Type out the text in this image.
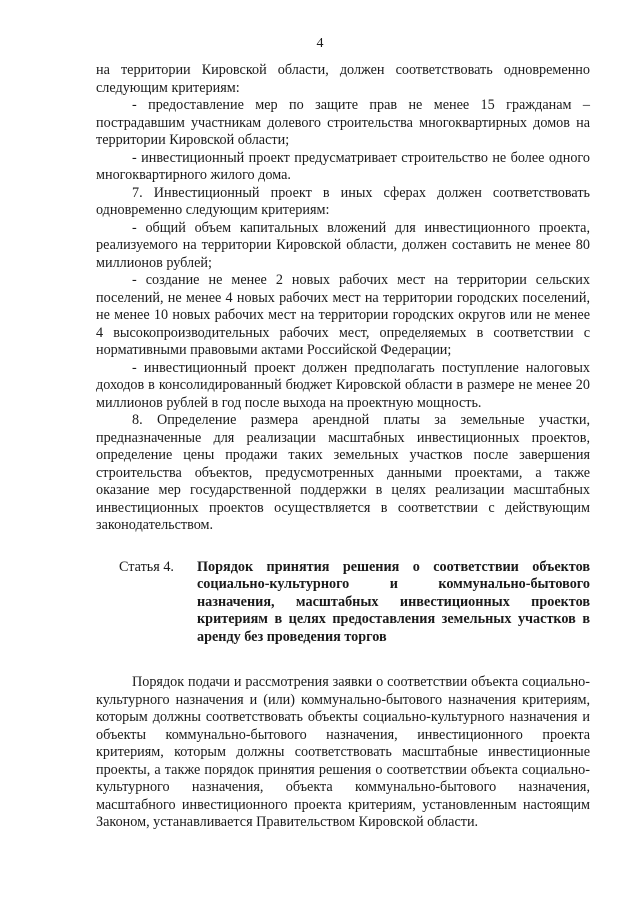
4

на территории Кировской области, должен соответствовать одновременно следующим критериям:

- предоставление мер по защите прав не менее 15 гражданам – пострадавшим участникам долевого строительства многоквартирных домов на территории Кировской области;

- инвестиционный проект предусматривает строительство не более одного многоквартирного жилого дома.

7. Инвестиционный проект в иных сферах должен соответствовать одновременно следующим критериям:

- общий объем капитальных вложений для инвестиционного проекта, реализуемого на территории Кировской области, должен составить не менее 80 миллионов рублей;

- создание не менее 2 новых рабочих мест на территории сельских поселений, не менее 4 новых рабочих мест на территории городских поселений, не менее 10 новых рабочих мест на территории городских округов или не менее 4 высокопроизводительных рабочих мест, определяемых в соответствии с нормативными правовыми актами Российской Федерации;

- инвестиционный проект должен предполагать поступление налоговых доходов в консолидированный бюджет Кировской области в размере не менее 20 миллионов рублей в год после выхода на проектную мощность.

8. Определение размера арендной платы за земельные участки, предназначенные для реализации масштабных инвестиционных проектов, определение цены продажи таких земельных участков после завершения строительства объектов, предусмотренных данными проектами, а также оказание мер государственной поддержки в целях реализации масштабных инвестиционных проектов осуществляется в соответствии с действующим законодательством.

Статья 4.	Порядок принятия решения о соответствии объектов социально-культурного и коммунально-бытового назначения, масштабных инвестиционных проектов критериям в целях предоставления земельных участков в аренду без проведения торгов

Порядок подачи и рассмотрения заявки о соответствии объекта социально-культурного назначения и (или) коммунально-бытового назначения критериям, которым должны соответствовать объекты социально-культурного назначения и объекты коммунально-бытового назначения, инвестиционного проекта критериям, которым должны соответствовать масштабные инвестиционные проекты, а также порядок принятия решения о соответствии объекта социально-культурного назначения, объекта коммунально-бытового назначения, масштабного инвестиционного проекта критериям, установленным настоящим Законом, устанавливается Правительством Кировской области.
